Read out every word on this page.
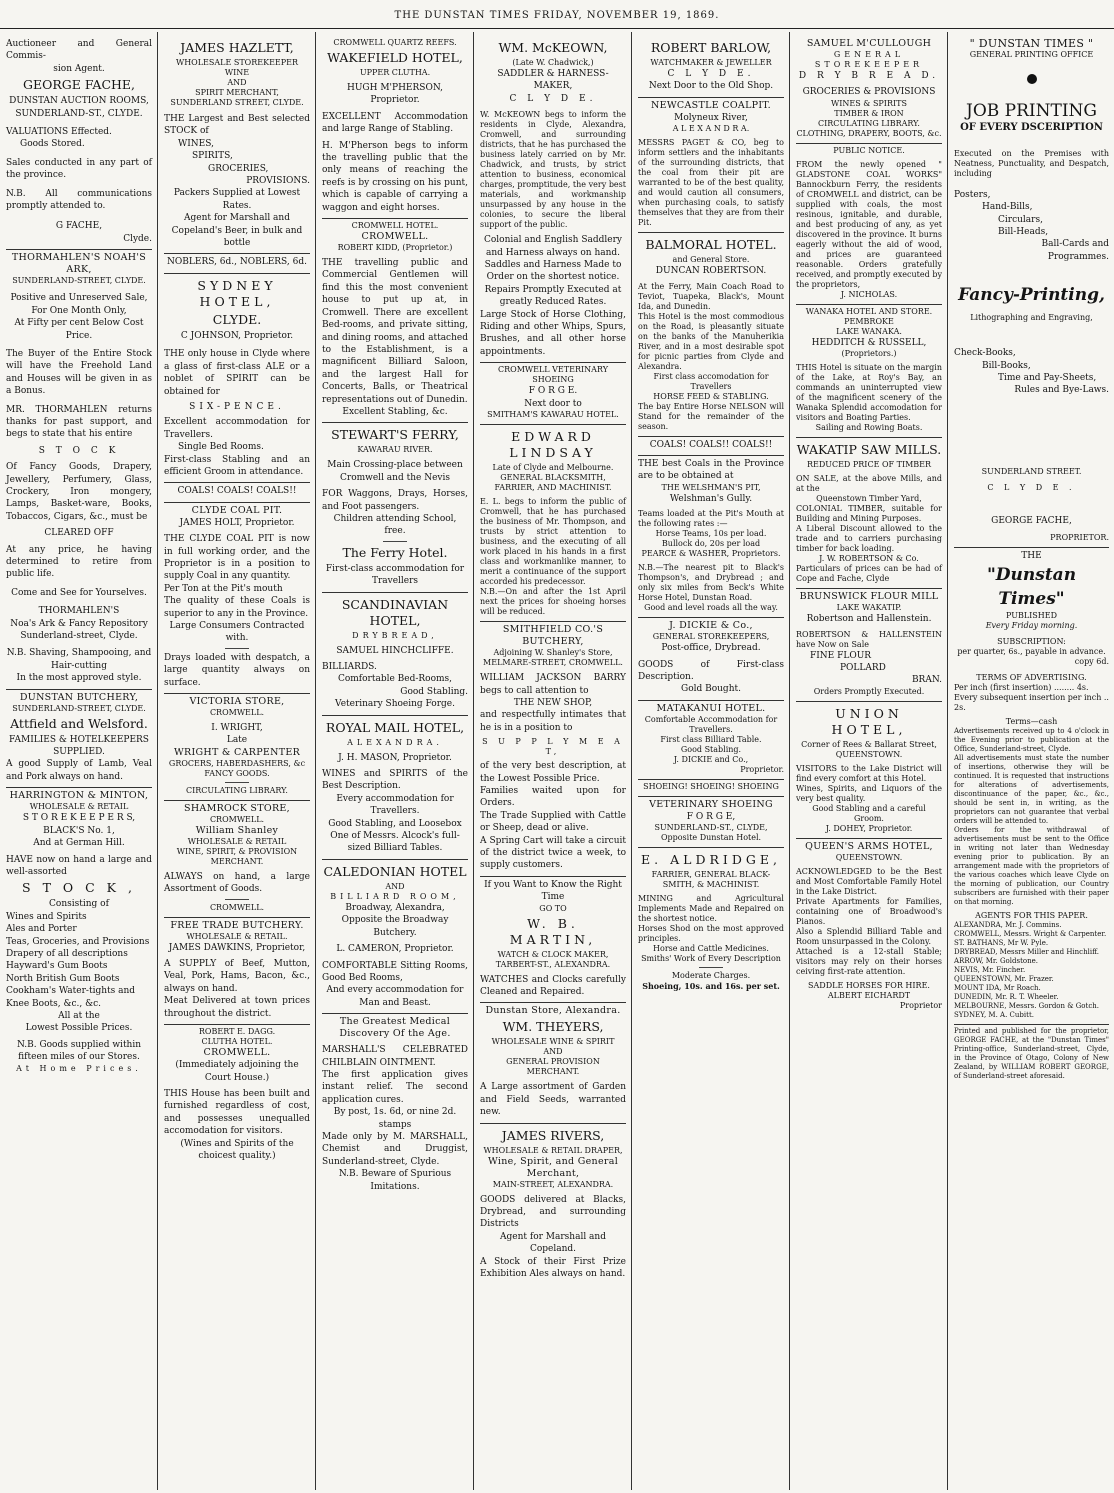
THE DUNSTAN TIMES FRIDAY, NOVEMBER 19, 1869.
Auctioneer and General Commis-
sion Agent.
GEORGE FACHE,
DUNSTAN AUCTION ROOMS,
SUNDERLAND-ST., CLYDE.
VALUATIONS Effected.
Goods Stored.
Sales conducted in any part of the province.
N.B. All communications promptly attended to.
G FACHE,
Clyde.
THORMAHLEN'S NOAH'S ARK,
SUNDERLAND-STREET, CLYDE.
Positive and Unreserved Sale,
For One Month Only,
At Fifty per cent Below Cost Price.
The Buyer of the Entire Stock will have the Freehold Land and Houses will be given in as a Bonus.
MR. THORMAHLEN returns thanks for past support, and begs to state that his entire
S T O C K
Of Fancy Goods, Drapery, Jewellery, Perfumery, Glass, Crockery, Iron mongery, Lamps, Basket-ware, Books, Tobaccos, Cigars, &c., must be
CLEARED OFF
At any price, he having determined to retire from public life.
Come and See for Yourselves.
THORMAHLEN'S
Noa's Ark & Fancy Repository
Sunderland-street, Clyde.
N.B. Shaving, Shampooing, and Hair-cutting
In the most approved style.
DUNSTAN BUTCHERY,
SUNDERLAND-STREET, CLYDE.
Attfield and Welsford.
FAMILIES & HOTELKEEPERS
SUPPLIED.
A good Supply of Lamb, Veal and Pork always on hand.
HARRINGTON & MINTON,
WHOLESALE & RETAIL
S T O R E K E E P E R S,
BLACK'S No. 1,
And at German Hill.
HAVE now on hand a large and well-assorted
S T O C K ,
Consisting of
Wines and Spirits
Ales and Porter
Teas, Groceries, and Provisions
Drapery of all descriptions
Hayward's Gum Boots
North British Gum Boots
Cookham's Water-tights and Knee Boots, &c., &c.
All at the
Lowest Possible Prices.
N.B. Goods supplied within fifteen miles of our Stores.
At Home Prices.
JAMES HAZLETT,
WHOLESALE STOREKEEPER WINE
AND
SPIRIT MERCHANT,
SUNDERLAND STREET, CLYDE.
THE Largest and Best selected STOCK of
WINES,
SPIRITS,
GROCERIES,
PROVISIONS.
Packers Supplied at Lowest Rates.
Agent for Marshall and Copeland's Beer, in bulk and bottle
NOBLERS, 6d., NOBLERS, 6d.
SYDNEY HOTEL,
CLYDE.
C JOHNSON, Proprietor.
THE only house in Clyde where a glass of first-class ALE or a noblet of SPIRIT can be obtained for
SIX-PENCE.
Excellent accommodation for Travellers.
Single Bed Rooms.
First-class Stabling and an efficient Groom in attendance.
COALS! COALS! COALS!!
CLYDE COAL PIT.
JAMES HOLT, Proprietor.
THE CLYDE COAL PIT is now in full working order, and the Proprietor is in a position to supply Coal in any quantity.
Per Ton at the Pit's mouth
The quality of these Coals is superior to any in the Province.
Large Consumers Contracted with.
Drays loaded with despatch, a large quantity always on surface.
VICTORIA STORE,
CROMWELL.
I. WRIGHT,
Late
WRIGHT & CARPENTER
GROCERS, HABERDASHERS, &c
FANCY GOODS.
CIRCULATING LIBRARY.
SHAMROCK STORE,
CROMWELL.
William Shanley
WHOLESALE & RETAIL
WINE, SPIRIT, & PROVISION
MERCHANT.
ALWAYS on hand, a large Assortment of Goods.
CROMWELL.
FREE TRADE BUTCHERY.
WHOLESALE & RETAIL.
JAMES DAWKINS, Proprietor,
A SUPPLY of Beef, Mutton, Veal, Pork, Hams, Bacon, &c., always on hand.
Meat Delivered at town prices throughout the district.
ROBERT E. DAGG.
CLUTHA HOTEL.
CROMWELL.
(Immediately adjoining the Court House.)
THIS House has been built and furnished regardless of cost, and possesses unequalled accomodation for visitors.
(Wines and Spirits of the choicest quality.)
CROMWELL QUARTZ REEFS.
WAKEFIELD HOTEL,
UPPER CLUTHA.
HUGH M'PHERSON, Proprietor.
EXCELLENT Accommodation and large Range of Stabling.
H. M'Pherson begs to inform the travelling public that the only means of reaching the reefs is by crossing on his punt, which is capable of carrying a waggon and eight horses.
CROMWELL HOTEL.
CROMWELL.
ROBERT KIDD, (Proprietor.)
THE travelling public and Commercial Gentlemen will find this the most convenient house to put up at, in Cromwell. There are excellent Bed-rooms, and private sitting, and dining rooms, and attached to the Establishment, is a magnificent Billiard Saloon, and the largest Hall for Concerts, Balls, or Theatrical representations out of Dunedin.
Excellent Stabling, &c.
STEWART'S FERRY,
KAWARAU RIVER.
Main Crossing-place between Cromwell and the Nevis
FOR Waggons, Drays, Horses, and Foot passengers.
Children attending School, free.
The Ferry Hotel.
First-class accommodation for Travellers
SCANDINAVIAN HOTEL,
DRYBREAD,
SAMUEL HINCHCLIFFE.
BILLIARDS.
Comfortable Bed-Rooms,
Good Stabling.
Veterinary Shoeing Forge.
ROYAL MAIL HOTEL,
ALEXANDRA.
J. H. MASON, Proprietor.
WINES and SPIRITS of the Best Description.
Every accommodation for Travellers.
Good Stabling, and Loosebox
One of Messrs. Alcock's full-sized Billiard Tables.
CALEDONIAN HOTEL
AND
BILLIARD ROOM,
Broadway, Alexandra,
Opposite the Broadway Butchery.
L. CAMERON, Proprietor.
COMFORTABLE Sitting Rooms, Good Bed Rooms,
And every accommodation for Man and Beast.
The Greatest Medical Discovery Of the Age.
MARSHALL'S CELEBRATED CHILBLAIN OINTMENT.
The first application gives instant relief. The second application cures.
By post, 1s. 6d, or nine 2d. stamps
Made only by M. MARSHALL, Chemist and Druggist, Sunderland-street, Clyde.
N.B. Beware of Spurious Imitations.
WM. McKEOWN,
(Late W. Chadwick,)
SADDLER & HARNESS-MAKER,
C L Y D E.
W. McKEOWN begs to inform the residents in Clyde, Alexandra, Cromwell, and surrounding districts, that he has purchased the business lately carried on by Mr. Chadwick, and trusts, by strict attention to business, economical charges, promptitude, the very best materials, and workmanship unsurpassed by any house in the colonies, to secure the liberal support of the public.
Colonial and English Saddlery and Harness always on hand.
Saddles and Harness Made to Order on the shortest notice.
Repairs Promptly Executed at greatly Reduced Rates.
Large Stock of Horse Clothing, Riding and other Whips, Spurs, Brushes, and all other horse appointments.
CROMWELL VETERINARY SHOEING
F O R G E.
Next door to
SMITHAM'S KAWARAU HOTEL.
EDWARD LINDSAY
Late of Clyde and Melbourne.
GENERAL BLACKSMITH, FARRIER, AND MACHINIST.
E. L. begs to inform the public of Cromwell, that he has purchased the business of Mr. Thompson, and trusts by strict attention to business, and the executing of all work placed in his hands in a first class and workmanlike manner, to merit a continuance of the support accorded his predecessor.
N.B.—On and after the 1st April next the prices for shoeing horses will be reduced.
SMITHFIELD CO.'S BUTCHERY,
Adjoining W. Shanley's Store,
MELMARE-STREET, CROMWELL.
WILLIAM JACKSON BARRY begs to call attention to
THE NEW SHOP,
and respectfully intimates that he is in a position to
S U P P L Y M E A T,
of the very best description, at the Lowest Possible Price.
Families waited upon for Orders.
The Trade Supplied with Cattle or Sheep, dead or alive.
A Spring Cart will take a circuit of the district twice a week, to supply customers.
If you Want to Know the Right Time
GO TO
W. B. MARTIN,
WATCH & CLOCK MAKER,
TARBERT-ST., ALEXANDRA.
WATCHES and Clocks carefully Cleaned and Repaired.
Dunstan Store, Alexandra.
WM. THEYERS,
WHOLESALE WINE & SPIRIT
AND
GENERAL PROVISION
MERCHANT.
A Large assortment of Garden and Field Seeds, warranted new.
JAMES RIVERS,
WHOLESALE & RETAIL DRAPER,
Wine, Spirit, and General Merchant,
MAIN-STREET, ALEXANDRA.
GOODS delivered at Blacks, Drybread, and surrounding Districts
Agent for Marshall and Copeland.
A Stock of their First Prize Exhibition Ales always on hand.
ROBERT BARLOW,
WATCHMAKER & JEWELLER
C L Y D E.
Next Door to the Old Shop.
NEWCASTLE COALPIT.
Molyneux River,
A L E X A N D R A.
MESSRS PAGET & CO, beg to inform settlers and the inhabitants of the surrounding districts, that the coal from their pit are warranted to be of the best quality, and would caution all consumers, when purchasing coals, to satisfy themselves that they are from their Pit.
BALMORAL HOTEL.
and General Store.
DUNCAN ROBERTSON.
At the Ferry, Main Coach Road to Teviot, Tuapeka, Black's, Mount Ida, and Dunedin.
This Hotel is the most commodious on the Road, is pleasantly situate on the banks of the Manuherikia River, and in a most desirable spot for picnic parties from Clyde and Alexandra.
First class accomodation for Travellers
HORSE FEED & STABLING.
The bay Entire Horse NELSON will Stand for the remainder of the season.
COALS! COALS!! COALS!!
THE best Coals in the Province are to be obtained at
THE WELSHMAN'S PIT,
Welshman's Gully.
Teams loaded at the Pit's Mouth at the following rates :—
Horse Teams, 10s per load.
Bullock do, 20s per load
PEARCE & WASHER, Proprietors.
N.B.—The nearest pit to Black's Thompson's, and Drybread ; and only six miles from Beck's White Horse Hotel, Dunstan Road.
Good and level roads all the way.
J. DICKIE & Co.,
GENERAL STOREKEEPERS,
Post-office, Drybread.
GOODS of First-class Description.
Gold Bought.
MATAKANUI HOTEL.
Comfortable Accommodation for Travellers.
First class Billiard Table.
Good Stabling.
J. DICKIE and Co.,
Proprietor.
SHOEING! SHOEING! SHOEING
VETERINARY SHOEING
F O R G E,
SUNDERLAND-ST., CLYDE,
Opposite Dunstan Hotel.
E. ALDRIDGE,
FARRIER, GENERAL BLACK-SMITH, & MACHINIST.
MINING and Agricultural Implements Made and Repaired on the shortest notice.
Horses Shod on the most approved principles.
Horse and Cattle Medicines.
Smiths' Work of Every Description
Moderate Charges.
Shoeing, 10s. and 16s. per set.
SAMUEL M'CULLOUGH
GENERAL STOREKEEPER
D R Y B R E A D.
GROCERIES & PROVISIONS
WINES & SPIRITS
TIMBER & IRON
CIRCULATING LIBRARY.
CLOTHING, DRAPERY, BOOTS, &c.
PUBLIC NOTICE.
FROM the newly opened " GLADSTONE COAL WORKS" Bannockburn Ferry, the residents of CROMWELL and district, can be supplied with coals, the most resinous, ignitable, and durable, and best producing of any, as yet discovered in the province. It burns eagerly without the aid of wood, and prices are guaranteed reasonable. Orders gratefully received, and promptly executed by the proprietors,
J. NICHOLAS.
WANAKA HOTEL AND STORE.
PEMBROKE
LAKE WANAKA.
HEDDITCH & RUSSELL,
(Proprietors.)
THIS Hotel is situate on the margin of the Lake, at Roy's Bay, an commands an uninterrupted view of the magnificent scenery of the Wanaka Splendid accomodation for visitors and Boating Parties.
Sailing and Rowing Boats.
WAKATIP SAW MILLS.
REDUCED PRICE OF TIMBER
ON SALE, at the above Mills, and at the
Queenstown Timber Yard,
COLONIAL TIMBER, suitable for Building and Mining Purposes.
A Liberal Discount allowed to the trade and to carriers purchasing timber for back loading.
J. W. ROBERTSON & Co.
Particulars of prices can be had of Cope and Fache, Clyde
BRUNSWICK FLOUR MILL
LAKE WAKATIP.
Robertson and Hallenstein.
ROBERTSON & HALLENSTEIN have Now on Sale
FINE FLOUR
POLLARD
BRAN.
Orders Promptly Executed.
UNION HOTEL,
Corner of Rees & Ballarat Street,
QUEENSTOWN.
VISITORS to the Lake District will find every comfort at this Hotel.
Wines, Spirits, and Liquors of the very best quality.
Good Stabling and a careful Groom.
J. DOHEY, Proprietor.
QUEEN'S ARMS HOTEL,
QUEENSTOWN.
ACKNOWLEDGED to be the Best and Most Comfortable Family Hotel in the Lake District.
Private Apartments for Families, containing one of Broadwood's Pianos.
Also a Splendid Billiard Table and Room unsurpassed in the Colony.
Attached is a 12-stall Stable; visitors may rely on their horses ceiving first-rate attention.
SADDLE HORSES FOR HIRE.
ALBERT EICHARDT
Proprietor
" DUNSTAN TIMES "
GENERAL PRINTING OFFICE
JOB PRINTING
OF EVERY DSCERIPTION
Executed on the Premises with Neatness, Punctuality, and Despatch, including
Posters,
Hand-Bills,
Circulars,
Bill-Heads,
Ball-Cards and
Programmes.
Fancy-Printing,
Lithographing and Engraving,
Check-Books,
Bill-Books,
Time and Pay-Sheets,
Rules and Bye-Laws.
SUNDERLAND STREET.
C L Y D E .
GEORGE FACHE,
PROPRIETOR.
THE
"Dunstan Times"
PUBLISHED
Every Friday morning.
SUBSCRIPTION:
per quarter, 6s., payable in advance.
copy 6d.
TERMS OF ADVERTISING.
Per inch (first insertion) ........ 4s.
Every subsequent insertion per inch .. 2s.
Terms—cash
Advertisements received up to 4 o'clock in the Evening prior to publication at the Office, Sunderland-street, Clyde.
All advertisements must state the number of insertions, otherwise they will be continued. It is requested that instructions for alterations of advertisements, discontinuance of the paper, &c., &c., should be sent in, in writing, as the proprietors can not guarantee that verbal orders will be attended to.
Orders for the withdrawal of advertisements must be sent to the Office in writing not later than Wednesday evening prior to publication. By an arrangement made with the proprietors of the various coaches which leave Clyde on the morning of publication, our Country subscribers are furnished with their paper on that morning.
AGENTS FOR THIS PAPER.
ALEXANDRA, Mr. J. Commins.
CROMWELL, Messrs. Wright & Carpenter.
ST. BATHANS, Mr W. Pyle.
DRYBREAD, Messrs Miller and Hinchliff.
ARROW, Mr. Goldstone.
NEVIS, Mr. Fincher.
QUEENSTOWN, Mr. Frazer.
MOUNT IDA, Mr Roach.
DUNEDIN, Mr. R. T. Wheeler.
MELBOURNE, Messrs. Gordon & Gotch.
SYDNEY, M. A. Cubitt.
Printed and published for the proprietor, GEORGE FACHE, at the "Dunstan Times" Printing-office, Sunderland-street, Clyde, in the Province of Otago, Colony of New Zealand, by WILLIAM ROBERT GEORGE, of Sunderland-street aforesaid.
